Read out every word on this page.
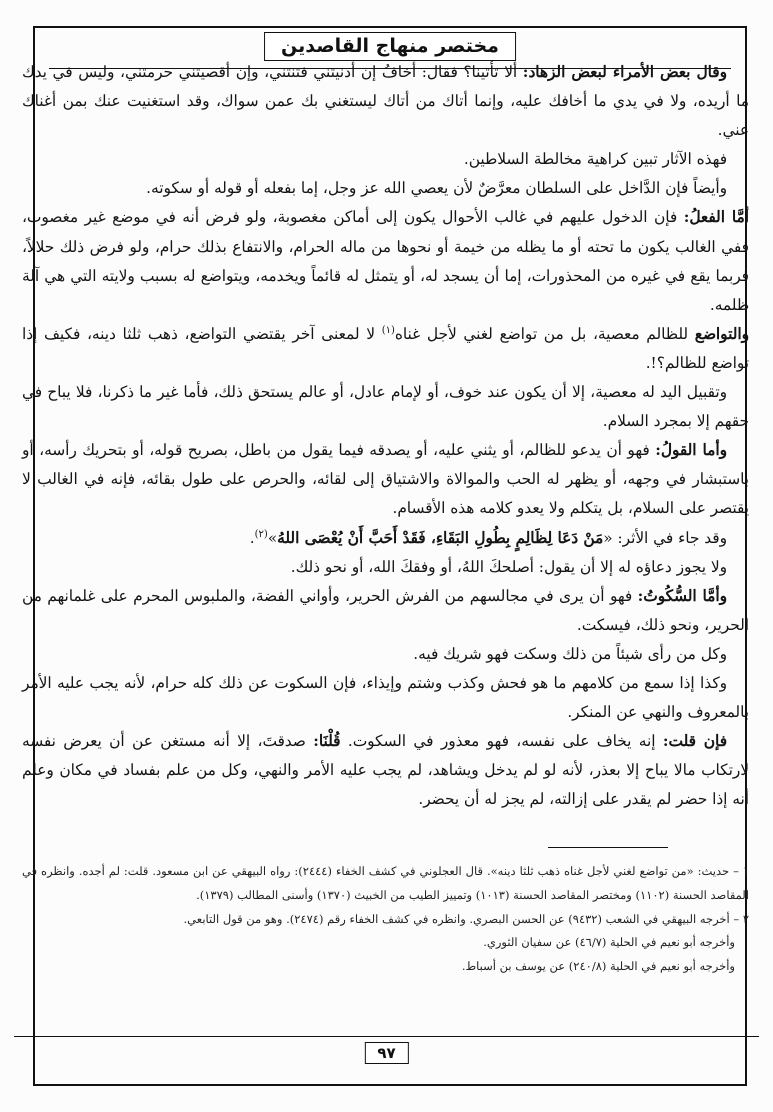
مختصر منهاج القاصدين

وقال بعض الأمراء لبعض الزهاد: ألا تأتينا؟ فقال: أخافُ إن أدنيتني فتنتني، وإن أقصيتني حرمتني، وليس في يدك ما أريده، ولا في يدي ما أخافك عليه، وإنما أتاك من أتاك ليستغني بك عمن سواك، وقد استغنيت عنك بمن أغناك عني.

فهذه الآثار تبين كراهية مخالطة السلاطين.

وأيضاً فإن الدَّاخل على السلطان معرَّضٌ لأن يعصي الله عز وجل، إما بفعله أو قوله أو سكوته.

أمَّا الفعلُ: فإن الدخول عليهم في غالب الأحوال يكون إلى أماكن مغصوبة، ولو فرض أنه في موضع غير مغصوب، ففي الغالب يكون ما تحته أو ما يظله من خيمة أو نحوها من ماله الحرام، والانتفاع بذلك حرام، ولو فرض ذلك حلالاً، فربما يقع في غيره من المحذورات، إما أن يسجد له، أو يتمثل له قائماً ويخدمه، ويتواضع له بسبب ولايته التي هي آلة ظلمه.

والتواضع للظالم معصية، بل من تواضع لغني لأجل غناه$^{(١)}$ لا لمعنى آخر يقتضي التواضع، ذهب ثلثا دينه، فكيف إذا تواضع للظالم؟!.

وتقبيل اليد له معصية، إلا أن يكون عند خوف، أو لإمام عادل، أو عالم يستحق ذلك، فأما غير ما ذكرنا، فلا يباح في حقهم إلا بمجرد السلام.

وأما القولُ: فهو أن يدعو للظالم، أو يثني عليه، أو يصدقه فيما يقول من باطل، بصريح قوله، أو بتحريك رأسه، أو باستبشار في وجهه، أو يظهر له الحب والموالاة والاشتياق إلى لقائه، والحرص على طول بقائه، فإنه في الغالب لا يقتصر على السلام، بل يتكلم ولا يعدو كلامه هذه الأقسام.

وقد جاء في الأثر: «مَنْ دَعَا لِظَالِمٍ بِطُولِ البَقَاءِ، فَقَدْ أَحَبَّ أَنْ يُعْصَى اللهُ»$^{(٢)}$.

ولا يجوز دعاؤه له إلا أن يقول: أصلحكَ اللهُ، أو وفقكَ الله، أو نحو ذلك.

وأمَّا السُّكُوتُ: فهو أن يرى في مجالسهم من الفرش الحرير، وأواني الفضة، والملبوس المحرم على غلمانهم من الحرير، ونحو ذلك، فيسكت.

وكل من رأى شيئاً من ذلك وسكت فهو شريك فيه.

وكذا إذا سمع من كلامهم ما هو فحش وكذب وشتم وإيذاء، فإن السكوت عن ذلك كله حرام، لأنه يجب عليه الأمر بالمعروف والنهي عن المنكر.

فإن قلت: إنه يخاف على نفسه، فهو معذور في السكوت. قُلْنَا: صدقتَ، إلا أنه مستغن عن أن يعرض نفسه لارتكاب مالا يباح إلا بعذر، لأنه لو لم يدخل ويشاهد، لم يجب عليه الأمر والنهي، وكل من علم بفساد في مكان وعلم أنه إذا حضر لم يقدر على إزالته، لم يجز له أن يحضر.

١ – حديث: «من تواضع لغني لأجل غناه ذهب ثلثا دينه». قال العجلوني في كشف الخفاء (٢٤٤٤): رواه البيهقي عن ابن مسعود. قلت: لم أجده. وانظره في المقاصد الحسنة (١١٠٢) ومختصر المقاصد الحسنة (١٠١٣) وتمييز الطيب من الخبيث (١٣٧٠) وأسنى المطالب (١٣٧٩).

٢ – أخرجه البيهقي في الشعب (٩٤٣٢) عن الحسن البصري. وانظره في كشف الخفاء رقم (٢٤٧٤). وهو من قول التابعي.

وأخرجه أبو نعيم في الحلية (٤٦/٧) عن سفيان الثوري.

وأخرجه أبو نعيم في الحلية (٢٤٠/٨) عن يوسف بن أسباط.

٩٧
